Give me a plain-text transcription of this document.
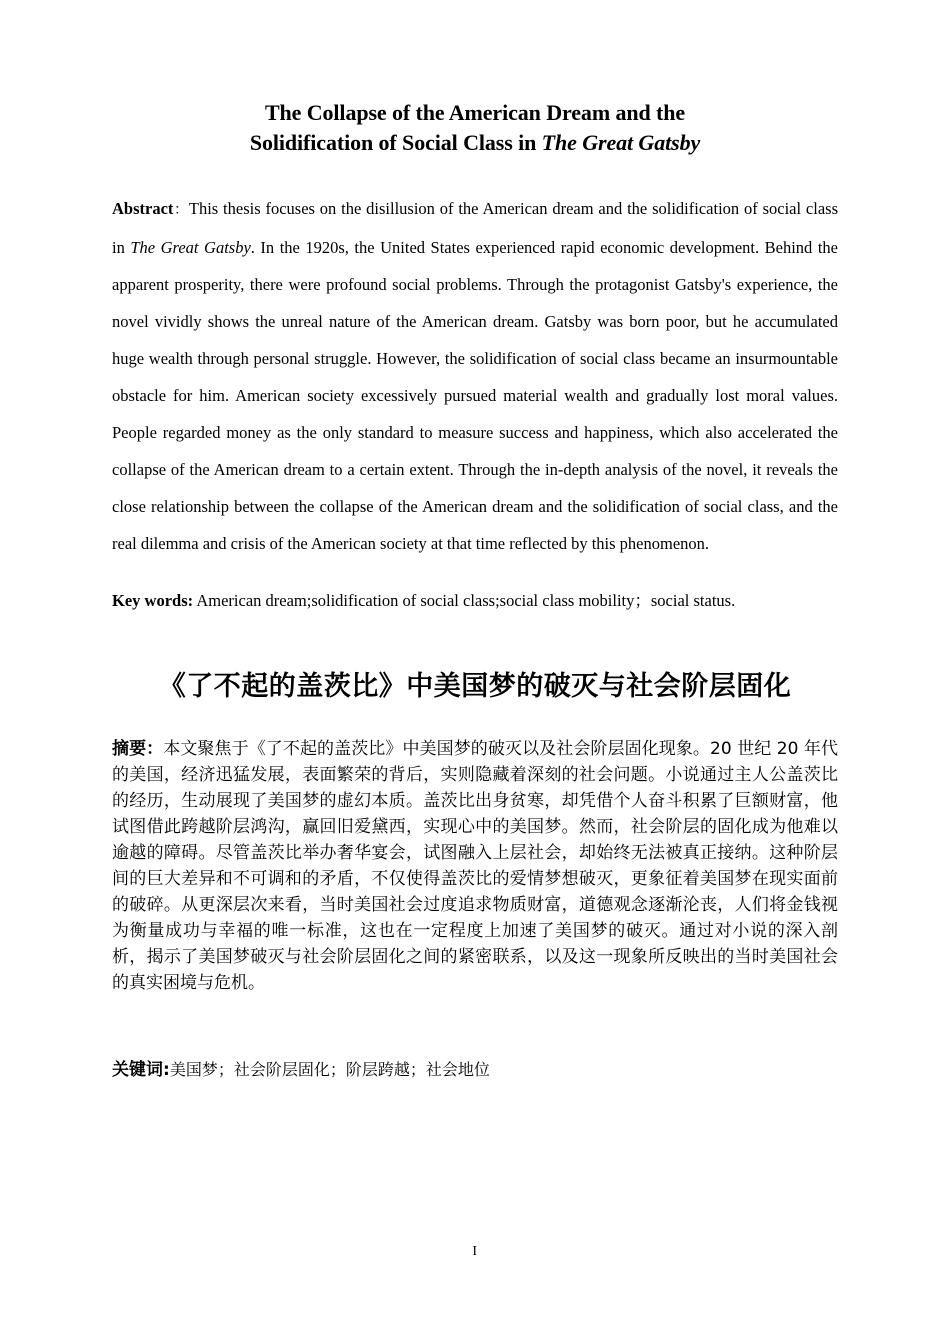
The Collapse of the American Dream and the
Solidification of Social Class in The Great Gatsby

Abstract：This thesis focuses on the disillusion of the American dream and the solidification of social class in The Great Gatsby. In the 1920s, the United States experienced rapid economic development. Behind the apparent prosperity, there were profound social problems. Through the protagonist Gatsby's experience, the novel vividly shows the unreal nature of the American dream. Gatsby was born poor, but he accumulated huge wealth through personal struggle. However, the solidification of social class became an insurmountable obstacle for him. American society excessively pursued material wealth and gradually lost moral values. People regarded money as the only standard to measure success and happiness, which also accelerated the collapse of the American dream to a certain extent. Through the in-depth analysis of the novel, it reveals the close relationship between the collapse of the American dream and the solidification of social class, and the real dilemma and crisis of the American society at that time reflected by this phenomenon.

Key words: American dream;solidification of social class;social class mobility；social status.

《了不起的盖茨比》中美国梦的破灭与社会阶层固化

摘要：本文聚焦于《了不起的盖茨比》中美国梦的破灭以及社会阶层固化现象。20 世纪 20 年代的美国，经济迅猛发展，表面繁荣的背后，实则隐藏着深刻的社会问题。小说通过主人公盖茨比的经历，生动展现了美国梦的虚幻本质。盖茨比出身贫寒，却凭借个人奋斗积累了巨额财富，他试图借此跨越阶层鸿沟，赢回旧爱黛西，实现心中的美国梦。然而，社会阶层的固化成为他难以逾越的障碍。尽管盖茨比举办奢华宴会，试图融入上层社会，却始终无法被真正接纳。这种阶层间的巨大差异和不可调和的矛盾，不仅使得盖茨比的爱情梦想破灭，更象征着美国梦在现实面前的破碎。从更深层次来看，当时美国社会过度追求物质财富，道德观念逐渐沦丧，人们将金钱视为衡量成功与幸福的唯一标准，这也在一定程度上加速了美国梦的破灭。通过对小说的深入剖析，揭示了美国梦破灭与社会阶层固化之间的紧密联系，以及这一现象所反映出的当时美国社会的真实困境与危机。

关键词:美国梦；社会阶层固化；阶层跨越；社会地位

I
